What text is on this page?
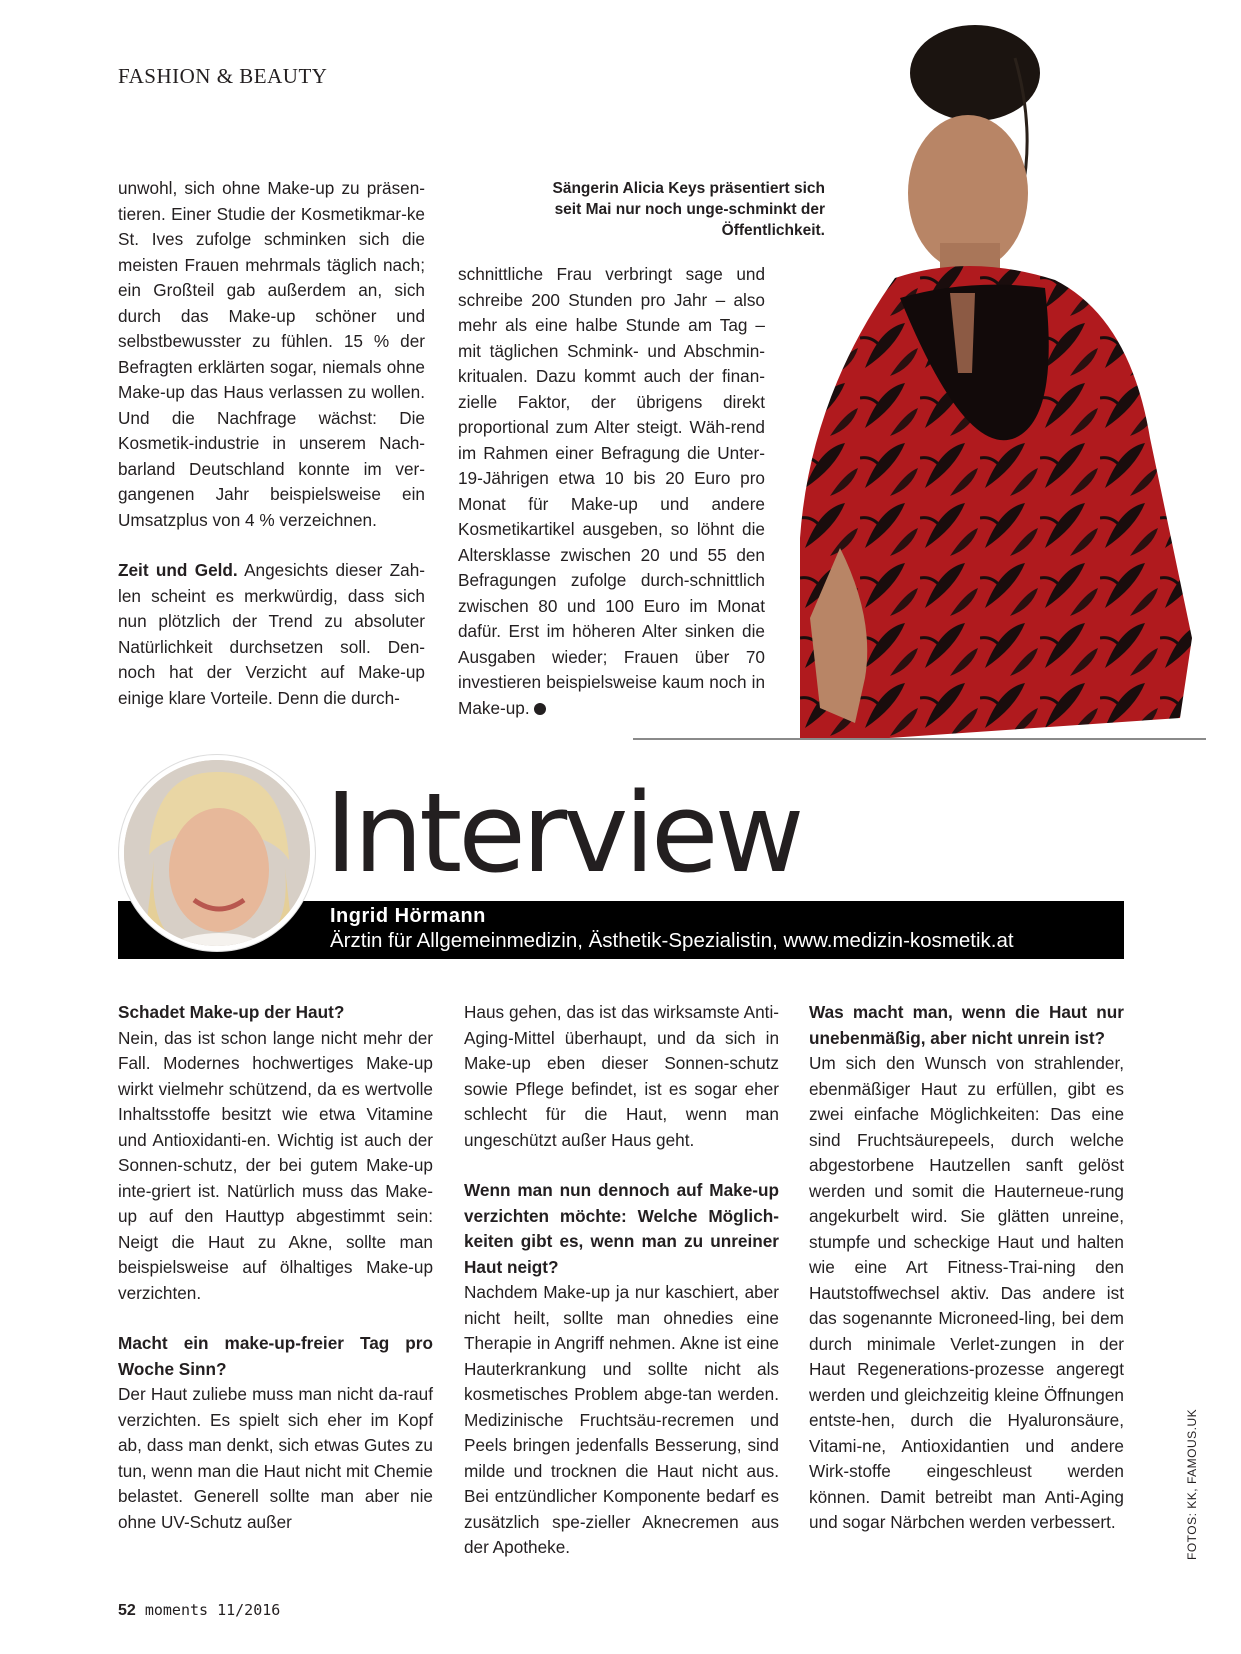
FASHION & BEAUTY

unwohl, sich ohne Make-up zu präsen-tieren. Einer Studie der Kosmetikmar-ke St. Ives zufolge schminken sich die meisten Frauen mehrmals täglich nach; ein Großteil gab außerdem an, sich durch das Make-up schöner und selbstbewusster zu fühlen. 15 % der Befragten erklärten sogar, niemals ohne Make-up das Haus verlassen zu wollen. Und die Nachfrage wächst: Die Kosmetik-industrie in unserem Nach-barland Deutschland konnte im ver-gangenen Jahr beispielsweise ein Umsatzplus von 4 % verzeichnen.

Zeit und Geld. Angesichts dieser Zah-len scheint es merkwürdig, dass sich nun plötzlich der Trend zu absoluter Natürlichkeit durchsetzen soll. Den-noch hat der Verzicht auf Make-up einige klare Vorteile. Denn die durch-

Sängerin Alicia Keys präsentiert sich seit Mai nur noch unge-schminkt der Öffentlichkeit.

schnittliche Frau verbringt sage und schreibe 200 Stunden pro Jahr – also mehr als eine halbe Stunde am Tag – mit täglichen Schmink- und Abschmin-kritualen. Dazu kommt auch der finan-zielle Faktor, der übrigens direkt proportional zum Alter steigt. Wäh-rend im Rahmen einer Befragung die Unter-19-Jährigen etwa 10 bis 20 Euro pro Monat für Make-up und andere Kosmetikartikel ausgeben, so löhnt die Altersklasse zwischen 20 und 55 den Befragungen zufolge durch-schnittlich zwischen 80 und 100 Euro im Monat dafür. Erst im höheren Alter sinken die Ausgaben wieder; Frauen über 70 investieren beispielsweise kaum noch in Make-up.

Interview
Ingrid Hörmann
Ärztin für Allgemeinmedizin, Ästhetik-Spezialistin, www.medizin-kosmetik.at

Schadet Make-up der Haut?
Nein, das ist schon lange nicht mehr der Fall. Modernes hochwertiges Make-up wirkt vielmehr schützend, da es wertvolle Inhaltsstoffe besitzt wie etwa Vitamine und Antioxidanti-en. Wichtig ist auch der Sonnen-schutz, der bei gutem Make-up inte-griert ist. Natürlich muss das Make-up auf den Hauttyp abgestimmt sein: Neigt die Haut zu Akne, sollte man beispielsweise auf ölhaltiges Make-up verzichten.

Macht ein make-up-freier Tag pro Woche Sinn?
Der Haut zuliebe muss man nicht da-rauf verzichten. Es spielt sich eher im Kopf ab, dass man denkt, sich etwas Gutes zu tun, wenn man die Haut nicht mit Chemie belastet. Generell sollte man aber nie ohne UV-Schutz außer

Haus gehen, das ist das wirksamste Anti-Aging-Mittel überhaupt, und da sich in Make-up eben dieser Sonnen-schutz sowie Pflege befindet, ist es sogar eher schlecht für die Haut, wenn man ungeschützt außer Haus geht.

Wenn man nun dennoch auf Make-up verzichten möchte: Welche Möglich-keiten gibt es, wenn man zu unreiner Haut neigt?
Nachdem Make-up ja nur kaschiert, aber nicht heilt, sollte man ohnedies eine Therapie in Angriff nehmen. Akne ist eine Hauterkrankung und sollte nicht als kosmetisches Problem abge-tan werden. Medizinische Fruchtsäu-recremen und Peels bringen jedenfalls Besserung, sind milde und trocknen die Haut nicht aus. Bei entzündlicher Komponente bedarf es zusätzlich spe-zieller Aknecremen aus der Apotheke.

Was macht man, wenn die Haut nur unebenmäßig, aber nicht unrein ist?
Um sich den Wunsch von strahlender, ebenmäßiger Haut zu erfüllen, gibt es zwei einfache Möglichkeiten: Das eine sind Fruchtsäurepeels, durch welche abgestorbene Hautzellen sanft gelöst werden und somit die Hauterneue-rung angekurbelt wird. Sie glätten unreine, stumpfe und scheckige Haut und halten wie eine Art Fitness-Trai-ning den Hautstoffwechsel aktiv. Das andere ist das sogenannte Microneed-ling, bei dem durch minimale Verlet-zungen in der Haut Regenerations-prozesse angeregt werden und gleichzeitig kleine Öffnungen entste-hen, durch die Hyaluronsäure, Vitami-ne, Antioxidantien und andere Wirk-stoffe eingeschleust werden können. Damit betreibt man Anti-Aging und sogar Närbchen werden verbessert.	FOTOS: KK, FAMOUS.UK
52 moments 11/2016
